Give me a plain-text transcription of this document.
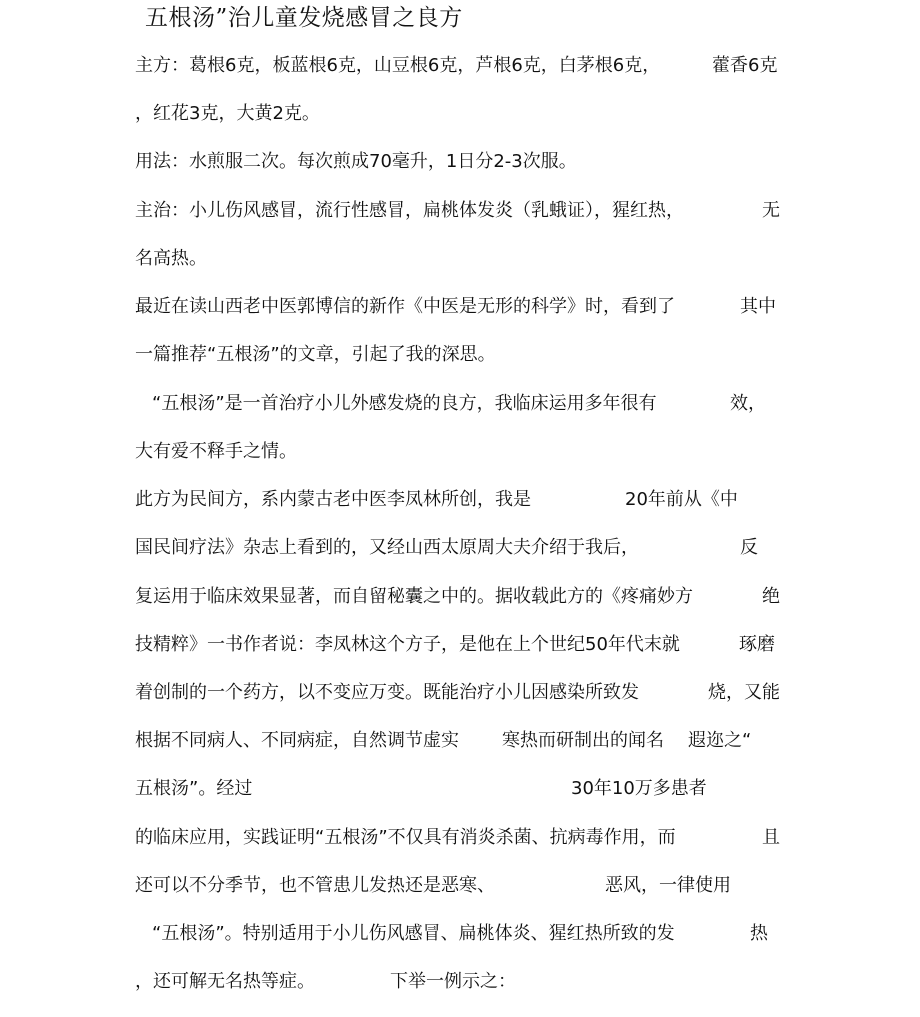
五根汤”治儿童发烧感冒之良方
主方：葛根6克，板蓝根6克，山豆根6克，芦根6克，白茅根6克，	藿香6克
，红花3克，大黄2克。
用法：水煎服二次。每次煎成70毫升，1日分2-3次服。
主治：小儿伤风感冒，流行性感冒，扁桃体发炎（乳蛾证），猩红热，	无
名高热。
最近在读山西老中医郭博信的新作《中医是无形的科学》时，看到了	其中
一篇推荐“五根汤”的文章，引起了我的深思。
“五根汤”是一首治疗小儿外感发烧的良方，我临床运用多年很有	效，
大有爱不释手之情。
此方为民间方，系内蒙古老中医李凤林所创，我是	20年前从《中
国民间疗法》杂志上看到的，又经山西太原周大夫介绍于我后，	反
复运用于临床效果显著，而自留秘囊之中的。据收载此方的《疼痛妙方	绝
技精粹》一书作者说：李凤林这个方子，是他在上个世纪50年代末就	琢磨
着创制的一个药方，以不变应万变。既能治疗小儿因感染所致发	烧，又能
根据不同病人、不同病症，自然调节虚实 寒热而研制出的闻名 遐迩之“
五根汤”。经过	30年10万多患者
的临床应用，实践证明“五根汤”不仅具有消炎杀菌、抗病毒作用，而	且
还可以不分季节，也不管患儿发热还是恶寒、	恶风，一律使用
“五根汤”。特别适用于小儿伤风感冒、扁桃体炎、猩红热所致的发	热
，还可解无名热等症。	下举一例示之：
